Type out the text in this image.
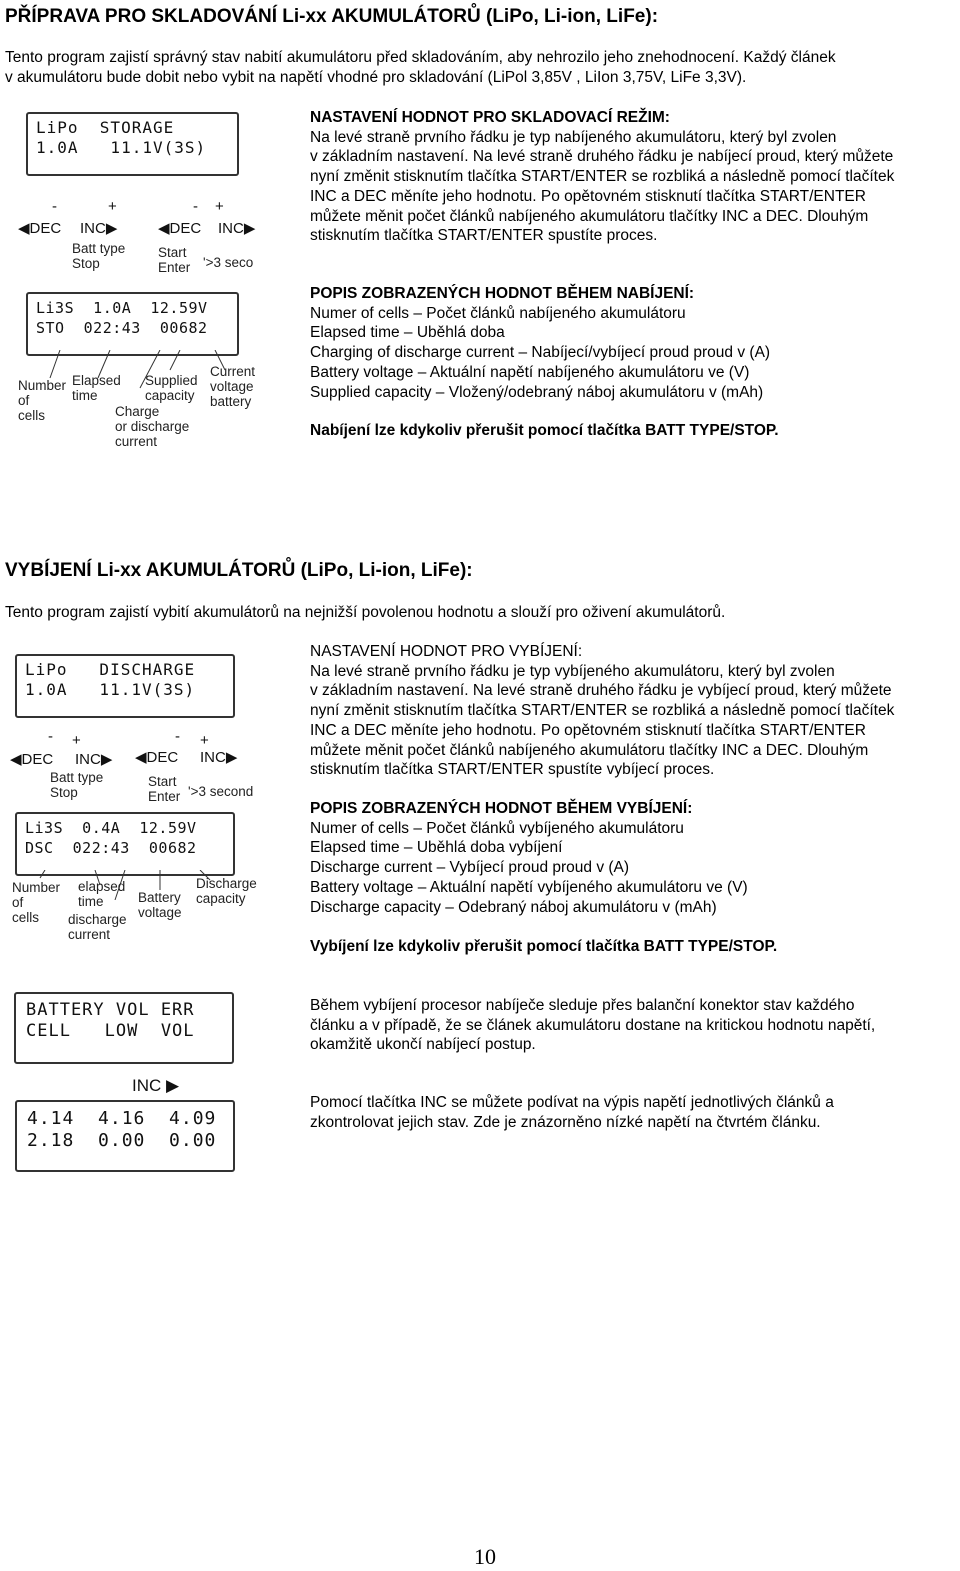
PŘÍPRAVA PRO SKLADOVÁNÍ Li-xx AKUMULÁTORŮ (LiPo, Li-ion, LiFe):
Tento program zajistí správný stav nabití akumulátoru před skladováním, aby nehrozilo jeho znehodnocení. Každý článek
v akumulátoru bude dobit nebo vybit na napětí vhodné pro skladování (LiPol 3,85V , LiIon 3,75V, LiFe 3,3V).
LiPo  STORAGE
1.0A   11.1V(3S)
-	+	- +
◀DEC INC▶	◀DEC INC▶
Batt type
Stop
Start
Enter '>3 seco
Li3S  1.0A  12.59V
STO  022:43  00682
Number
of
cells
Elapsed
time
Supplied
capacity
Current
voltage
battery
Charge
or discharge
current
NASTAVENÍ HODNOT PRO SKLADOVACÍ REŽIM:
Na levé straně prvního řádku je typ nabíjeného akumulátoru, který byl zvolen
v základním nastavení. Na levé straně druhého řádku je nabíjecí proud, který můžete
nyní změnit stisknutím tlačítka START/ENTER se rozbliká a následně pomocí tlačítek
INC a DEC měníte jeho hodnotu. Po opětovném stisknutí tlačítka START/ENTER
můžete měnit počet článků nabíjeného akumulátoru tlačítky INC a DEC. Dlouhým
stisknutím tlačítka START/ENTER spustíte proces.
POPIS ZOBRAZENÝCH HODNOT BĚHEM NABÍJENÍ:
Numer of cells – Počet článků nabíjeného akumulátoru
Elapsed time – Uběhlá doba
Charging of discharge current – Nabíjecí/vybíjecí proud proud v (A)
Battery voltage – Aktuální napětí nabíjeného akumulátoru ve (V)
Supplied capacity – Vložený/odebraný náboj akumulátoru v (mAh)
Nabíjení lze kdykoliv přerušit pomocí tlačítka BATT TYPE/STOP.
VYBÍJENÍ Li-xx AKUMULÁTORŮ (LiPo, Li-ion, LiFe):
Tento program zajistí vybití akumulátorů na nejnižší povolenou hodnotu a slouží pro oživení akumulátorů.
LiPo   DISCHARGE
1.0A   11.1V(3S)
- +	- +
◀DEC INC▶ ◀DEC INC▶
Batt type
Stop
Start
Enter '>3 second
Li3S  0.4A  12.59V
DSC  022:43  00682
Number
of
cells
elapsed
time	Battery
voltage
Discharge
capacity
discharge
current
NASTAVENÍ HODNOT PRO VYBÍJENÍ:
Na levé straně prvního řádku je typ vybíjeného akumulátoru, který byl zvolen
v základním nastavení. Na levé straně druhého řádku je vybíjecí proud, který můžete
nyní změnit stisknutím tlačítka START/ENTER se rozbliká a následně pomocí tlačítek
INC a DEC měníte jeho hodnotu. Po opětovném stisknutí tlačítka START/ENTER
můžete měnit počet článků nabíjeného akumulátoru tlačítky INC a DEC. Dlouhým
stisknutím tlačítka START/ENTER spustíte vybíjecí proces.
POPIS ZOBRAZENÝCH HODNOT BĚHEM VYBÍJENÍ:
Numer of cells – Počet článků vybíjeného akumulátoru
Elapsed time – Uběhlá doba vybíjení
Discharge current – Vybíjecí proud proud v (A)
Battery voltage – Aktuální napětí vybíjeného akumulátoru ve (V)
Discharge capacity – Odebraný náboj akumulátoru v (mAh)
Vybíjení lze kdykoliv přerušit pomocí tlačítka BATT TYPE/STOP.
BATTERY VOL ERR
CELL   LOW  VOL
INC ▶
4.14  4.16  4.09
2.18  0.00  0.00
Během vybíjení procesor nabíječe sleduje přes balanční konektor stav každého
článku a v případě, že se článek akumulátoru dostane na kritickou hodnotu napětí,
okamžitě ukončí nabíjecí postup.
Pomocí tlačítka INC se můžete podívat na výpis napětí jednotlivých článků a
zkontrolovat jejich stav. Zde je znázorněno nízké napětí na čtvrtém článku.
10
